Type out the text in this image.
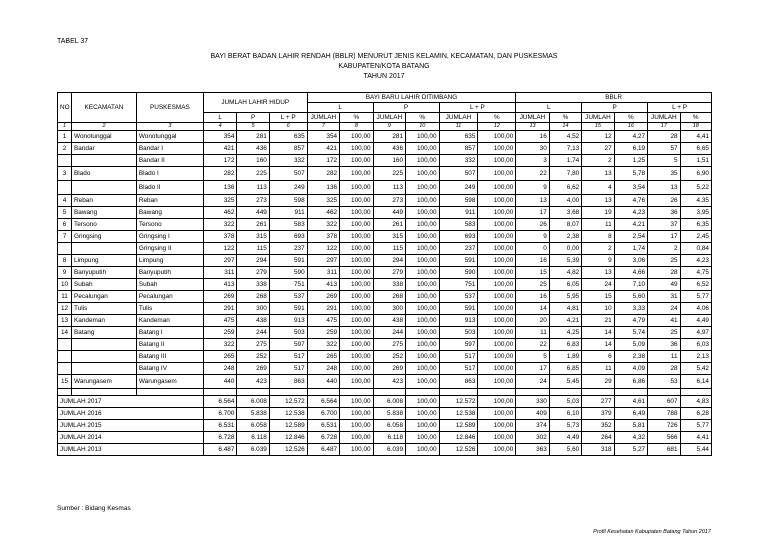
TABEL 37
BAYI BERAT BADAN LAHIR RENDAH (BBLR) MENURUT JENIS KELAMIN, KECAMATAN, DAN PUSKESMAS
KABUPATEN/KOTA BATANG
TAHUN 2017
NO	KECAMATAN	PUSKESMAS	JUMLAH LAHIR HIDUP			BAYI BARU LAHIR DITIMBANG						BBLR					
						L		P		L + P		L		P		L + P	
			L	P	L + P	JUMLAH	%	JUMLAH	%	JUMLAH	%	JUMLAH	%	JUMLAH	%	JUMLAH	%
1	2	3	4	5	6	7	8	9	10	11	12	13	14	15	16	17	18
1	Wonotunggal	Wonotunggal	354	281	635	354	100,00	281	100,00	635	100,00	16	4,52	12	4,27	28	4,41
2	Bandar	Bandar I	421	436	857	421	100,00	436	100,00	857	100,00	30	7,13	27	6,19	57	6,65
		Bandar II	172	160	332	172	100,00	160	100,00	332	100,00	3	1,74	2	1,25	5	1,51
3	Blado	Blado I	282	225	507	282	100,00	225	100,00	507	100,00	22	7,80	13	5,78	35	6,90
		Blado II	136	113	249	136	100,00	113	100,00	249	100,00	9	6,62	4	3,54	13	5,22
4	Reban	Reban	325	273	598	325	100,00	273	100,00	598	100,00	13	4,00	13	4,76	26	4,35
5	Bawang	Bawang	462	449	911	462	100,00	449	100,00	911	100,00	17	3,68	19	4,23	36	3,95
6	Tersono	Tersono	322	261	583	322	100,00	261	100,00	583	100,00	26	8,07	11	4,21	37	6,35
7	Gringsing	Gringsing I	378	315	693	378	100,00	315	100,00	693	100,00	9	2,38	8	2,54	17	2,45
		Gringsing II	122	115	237	122	100,00	115	100,00	237	100,00	0	0,00	2	1,74	2	0,84
8	Limpung	Limpung	297	294	591	297	100,00	294	100,00	591	100,00	16	5,39	9	3,06	25	4,23
9	Banyuputih	Banyuputih	311	279	590	311	100,00	279	100,00	590	100,00	15	4,82	13	4,66	28	4,75
10	Subah	Subah	413	338	751	413	100,00	338	100,00	751	100,00	25	6,05	24	7,10	49	6,52
11	Pecalungan	Pecalungan	269	268	537	269	100,00	268	100,00	537	100,00	16	5,95	15	5,60	31	5,77
12	Tulis	Tulis	291	300	591	291	100,00	300	100,00	591	100,00	14	4,81	10	3,33	24	4,06
13	Kandeman	Kandeman	475	438	913	475	100,00	438	100,00	913	100,00	20	4,21	21	4,79	41	4,49
14	Batang	Batang I	259	244	503	259	100,00	244	100,00	503	100,00	11	4,25	14	5,74	25	4,97
		Batang II	322	275	597	322	100,00	275	100,00	597	100,00	22	6,83	14	5,09	36	6,03
		Batang III	265	252	517	265	100,00	252	100,00	517	100,00	5	1,89	6	2,38	11	2,13
		Batang IV	248	269	517	248	100,00	269	100,00	517	100,00	17	6,85	11	4,09	28	5,42
15	Warungasem	Warungasem	440	423	863	440	100,00	423	100,00	863	100,00	24	5,45	29	6,86	53	6,14

JUMLAH 2017			6.564	6.008	12.572	6.564	100,00	6.008	100,00	12.572	100,00	330	5,03	277	4,61	607	4,83
JUMLAH 2016			6.700	5.838	12.538	6.700	100,00	5.838	100,00	12.538	100,00	409	6,10	379	6,49	788	6,28
JUMLAH 2015			6.531	6.058	12.589	6.531	100,00	6.058	100,00	12.589	100,00	374	5,73	352	5,81	726	5,77
JUMLAH 2014			6.728	6.118	12.846	6.728	100,00	6.118	100,00	12.846	100,00	302	4,49	264	4,32	566	4,41
JUMLAH 2013			6.487	6.039	12.526	6.487	100,00	6.039	100,00	12.526	100,00	363	5,60	318	5,27	681	5,44
Sumber : Bidang Kesmas
Profil Kesehatan Kabupaten Batang Tahun 2017
